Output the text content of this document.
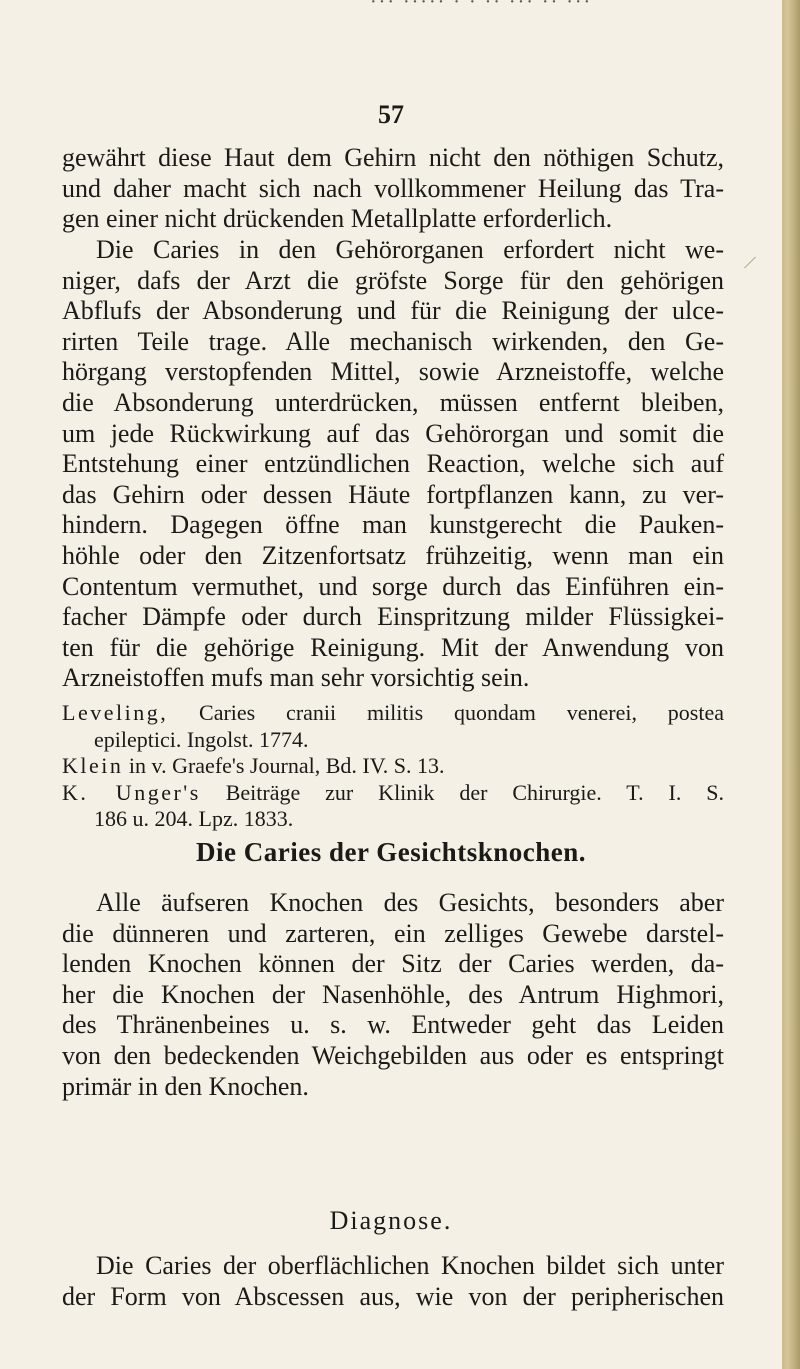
··· ····· · · ·· ··· ·· ···
57
gewährt diese Haut dem Gehirn nicht den nöthigen Schutz,
und daher macht sich nach vollkommener Heilung das Tra-
gen einer nicht drückenden Metallplatte erforderlich.
Die Caries in den Gehörorganen erfordert nicht we-
niger, dafs der Arzt die gröfste Sorge für den gehörigen
Abflufs der Absonderung und für die Reinigung der ulce-
rirten Teile trage. Alle mechanisch wirkenden, den Ge-
hörgang verstopfenden Mittel, sowie Arzneistoffe, welche
die Absonderung unterdrücken, müssen entfernt bleiben,
um jede Rückwirkung auf das Gehörorgan und somit die
Entstehung einer entzündlichen Reaction, welche sich auf
das Gehirn oder dessen Häute fortpflanzen kann, zu ver-
hindern. Dagegen öffne man kunstgerecht die Pauken-
höhle oder den Zitzenfortsatz frühzeitig, wenn man ein
Contentum vermuthet, und sorge durch das Einführen ein-
facher Dämpfe oder durch Einspritzung milder Flüssigkei-
ten für die gehörige Reinigung. Mit der Anwendung von
Arzneistoffen mufs man sehr vorsichtig sein.
Leveling, Caries cranii militis quondam venerei, postea
epileptici. Ingolst. 1774.
Klein in v. Graefe's Journal, Bd. IV. S. 13.
K. Unger's Beiträge zur Klinik der Chirurgie. T. I. S.
186 u. 204. Lpz. 1833.
Die Caries der Gesichtsknochen.
Alle äufseren Knochen des Gesichts, besonders aber
die dünneren und zarteren, ein zelliges Gewebe darstel-
lenden Knochen können der Sitz der Caries werden, da-
her die Knochen der Nasenhöhle, des Antrum Highmori,
des Thränenbeines u. s. w. Entweder geht das Leiden
von den bedeckenden Weichgebilden aus oder es entspringt
primär in den Knochen.
Diagnose.
Die Caries der oberflächlichen Knochen bildet sich unter
der Form von Abscessen aus, wie von der peripherischen
